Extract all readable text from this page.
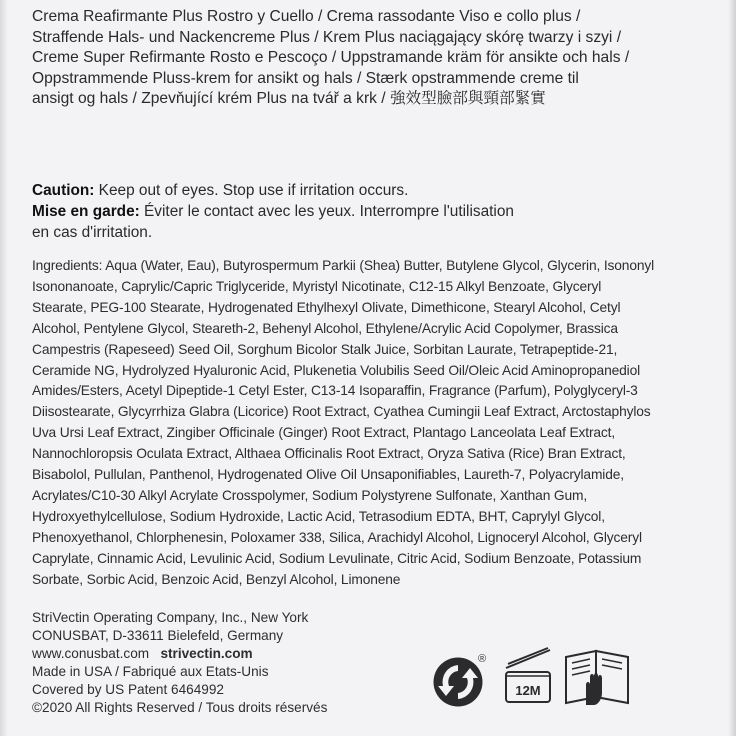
Crema Reafirmante Plus Rostro y Cuello / Crema rassodante Viso e collo plus /
Straffende Hals- und Nackencreme Plus / Krem Plus naciągający skórę twarzy i szyi /
Creme Super Refirmante Rosto e Pescoço / Uppstramande kräm för ansikte och hals /
Oppstrammende Pluss-krem for ansikt og hals / Stærk opstrammende creme til
ansigt og hals / Zpevňující krém Plus na tvář a krk / 強效型臉部與頸部緊實
Caution: Keep out of eyes. Stop use if irritation occurs.
Mise en garde: Éviter le contact avec les yeux. Interrompre l'utilisation
en cas d'irritation.
Ingredients: Aqua (Water, Eau), Butyrospermum Parkii (Shea) Butter, Butylene Glycol, Glycerin, Isononyl
Isononanoate, Caprylic/Capric Triglyceride, Myristyl Nicotinate, C12-15 Alkyl Benzoate, Glyceryl
Stearate, PEG-100 Stearate, Hydrogenated Ethylhexyl Olivate, Dimethicone, Stearyl Alcohol, Cetyl
Alcohol, Pentylene Glycol, Steareth-2, Behenyl Alcohol, Ethylene/Acrylic Acid Copolymer, Brassica
Campestris (Rapeseed) Seed Oil, Sorghum Bicolor Stalk Juice, Sorbitan Laurate, Tetrapeptide-21,
Ceramide NG, Hydrolyzed Hyaluronic Acid, Plukenetia Volubilis Seed Oil/Oleic Acid Aminopropanediol
Amides/Esters, Acetyl Dipeptide-1 Cetyl Ester, C13-14 Isoparaffin, Fragrance (Parfum), Polyglyceryl-3
Diisostearate, Glycyrrhiza Glabra (Licorice) Root Extract, Cyathea Cumingii Leaf Extract, Arctostaphylos
Uva Ursi Leaf Extract, Zingiber Officinale (Ginger) Root Extract, Plantago Lanceolata Leaf Extract,
Nannochloropsis Oculata Extract, Althaea Officinalis Root Extract, Oryza Sativa (Rice) Bran Extract,
Bisabolol, Pullulan, Panthenol, Hydrogenated Olive Oil Unsaponifiables, Laureth-7, Polyacrylamide,
Acrylates/C10-30 Alkyl Acrylate Crosspolymer, Sodium Polystyrene Sulfonate, Xanthan Gum,
Hydroxyethylcellulose, Sodium Hydroxide, Lactic Acid, Tetrasodium EDTA, BHT, Caprylyl Glycol,
Phenoxyethanol, Chlorphenesin, Poloxamer 338, Silica, Arachidyl Alcohol, Lignoceryl Alcohol, Glyceryl
Caprylate, Cinnamic Acid, Levulinic Acid, Sodium Levulinate, Citric Acid, Sodium Benzoate, Potassium
Sorbate, Sorbic Acid, Benzoic Acid, Benzyl Alcohol, Limonene
StriVectin Operating Company, Inc., New York
CONUSBAT, D-33611 Bielefeld, Germany
www.conusbat.com strivectin.com
Made in USA / Fabriqué aux Etats-Unis
Covered by US Patent 6464992
©2020 All Rights Reserved / Tous droits réservés
®
12M
